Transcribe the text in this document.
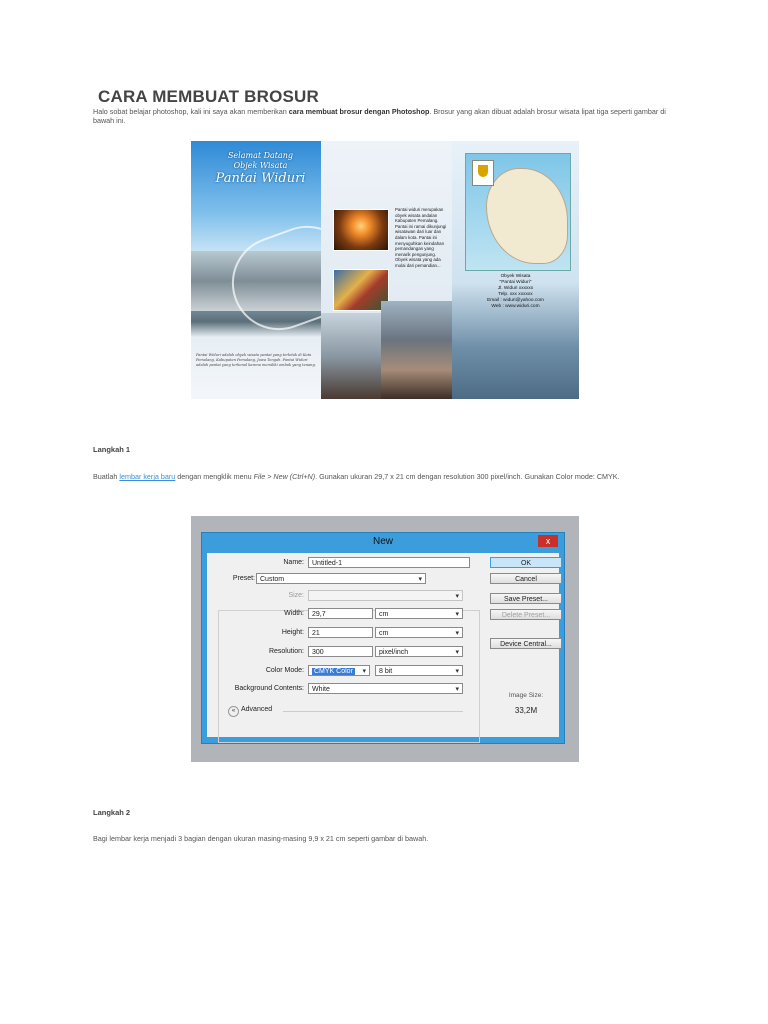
CARA MEMBUAT BROSUR
Halo sobat belajar photoshop, kali ini saya akan memberikan cara membuat brosur dengan Photoshop. Brosur yang akan dibuat adalah brosur wisata lipat tiga seperti gambar di bawah ini.
Selamat Datang
Objek Wisata
Pantai Widuri
Pantai Widuri adalah obyek wisata pantai yang terletak di Kota Pemalang, Kabupaten Pemalang, Jawa Tengah. Pantai Widuri adalah pantai yang terkenal karena memiliki ombak yang tenang.
Pantai widuri merupakan obyek wisata andalan Kabupaten Pemalang. Pantai ini ramai dikunjungi wisatawan dari luar dan dalam kota. Pantai ini menyuguhkan keindahan pemandangan yang menarik pengunjung. Obyek wisata yang ada mulai dari pemandian...
Obyek Wisata
"Pantai Widuri"
Jl. Widuri xxxxxx
Telp. xxx xxxxxx
Email : widuri@yahoo.com
Web : www.widuri.com
Langkah 1
Buatlah lembar kerja baru dengan mengklik menu File > New (Ctrl+N). Gunakan ukuran 29,7 x 21 cm dengan resolution 300 pixel/inch. Gunakan Color mode: CMYK.
New	x
Name:	Untitled-1
Preset: Custom ▾
Size:
▾
Width:	29,7	cm ▾
Height:	21	cm ▾
Resolution:	300	pixel/inch ▾
Color Mode:	CMYK Color ▾	8 bit ▾
Background Contents:	White ▾
« Advanced
OK
Cancel
Save Preset...
Delete Preset...
Device Central...
Image Size:
33,2M
Langkah 2
Bagi lembar kerja menjadi 3 bagian dengan ukuran masing-masing 9,9 x 21 cm seperti gambar di bawah.
